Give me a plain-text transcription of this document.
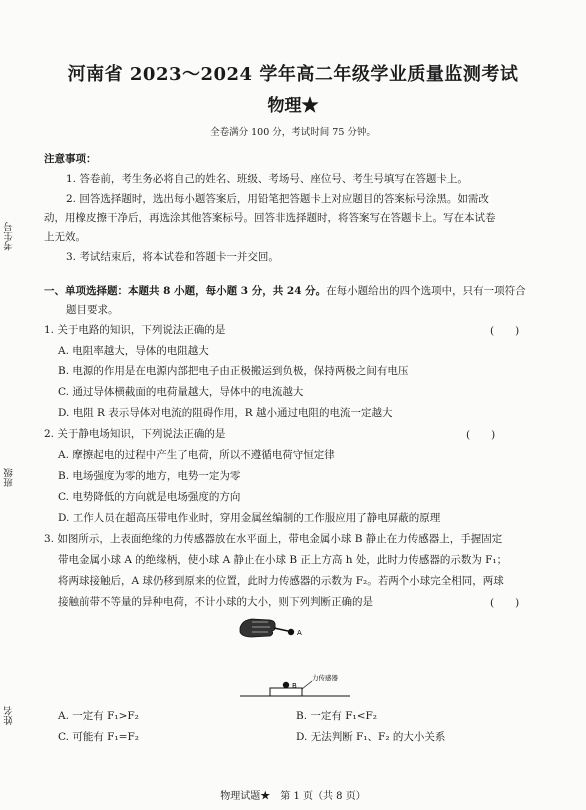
河南省 2023～2024 学年高二年级学业质量监测考试
物理★
全卷满分 100 分，考试时间 75 分钟。
考生号
班级
姓名
注意事项：
1. 答卷前，考生务必将自己的姓名、班级、考场号、座位号、考生号填写在答题卡上。
2. 回答选择题时，选出每小题答案后，用铅笔把答题卡上对应题目的答案标号涂黑。如需改
动，用橡皮擦干净后，再选涂其他答案标号。回答非选择题时，将答案写在答题卡上。写在本试卷
上无效。
3. 考试结束后，将本试卷和答题卡一并交回。
一、单项选择题：本题共 8 小题，每小题 3 分，共 24 分。在每小题给出的四个选项中，只有一项符合
题目要求。
1. 关于电路的知识，下列说法正确的是	(　　)
A. 电阻率越大，导体的电阻越大
B. 电源的作用是在电源内部把电子由正极搬运到负极，保持两极之间有电压
C. 通过导体横截面的电荷量越大，导体中的电流越大
D. 电阻 R 表示导体对电流的阻碍作用，R 越小通过电阻的电流一定越大
2. 关于静电场知识，下列说法正确的是	(　　)
A. 摩擦起电的过程中产生了电荷，所以不遵循电荷守恒定律
B. 电场强度为零的地方，电势一定为零
C. 电势降低的方向就是电场强度的方向
D. 工作人员在超高压带电作业时，穿用金属丝编制的工作服应用了静电屏蔽的原理
3. 如图所示，上表面绝缘的力传感器放在水平面上，带电金属小球 B 静止在力传感器上，手握固定
带电金属小球 A 的绝缘柄，使小球 A 静止在小球 B 正上方高 h 处，此时力传感器的示数为 F₁；
将两球接触后，A 球仍移到原来的位置，此时力传感器的示数为 F₂。若两个小球完全相同，两球
接触前带不等量的异种电荷，不计小球的大小，则下列判断正确的是	(　　)
A
B
力传感器
A. 一定有 F₁>F₂	B. 一定有 F₁<F₂
C. 可能有 F₁=F₂	D. 无法判断 F₁、F₂ 的大小关系
物理试题★　第 1 页（共 8 页）
